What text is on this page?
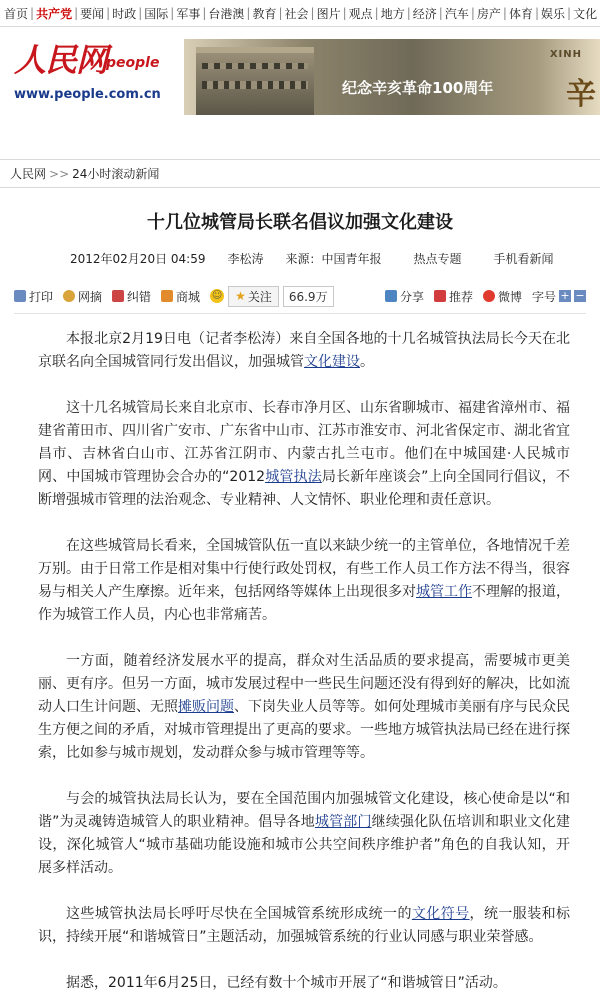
首页 | 共产党 | 要闻 | 时政 | 国际 | 军事 | 台港澳 | 教育 | 社会 | 图片 | 观点 | 地方 | 经济 | 汽车 | 房产 | 体育 | 娱乐 | 文化
人民网
people
www.people.com.cn	纪念辛亥革命100周年
XINH
辛
人民网 >> 24小时滚动新闻
十几位城管局长联名倡议加强文化建设
2012年02月20日 04:59 李松涛 来源：中国青年报	热点专题	手机看新闻
打印 网摘 纠错 商城 ☺ ★ 关注	66.9万	分享 推荐 微博 字号 + −

本报北京2月19日电（记者李松涛）来自全国各地的十几名城管执法局长今天在北京联名向全国城管同行发出倡议，加强城管文化建设。

这十几名城管局长来自北京市、长春市净月区、山东省聊城市、福建省漳州市、福建省莆田市、四川省广安市、广东省中山市、江苏市淮安市、河北省保定市、湖北省宜昌市、吉林省白山市、江苏省江阴市、内蒙古扎兰屯市。他们在中城国建·人民城市网、中国城市管理协会合办的“2012城管执法局长新年座谈会”上向全国同行倡议，不断增强城市管理的法治观念、专业精神、人文情怀、职业伦理和责任意识。

在这些城管局长看来，全国城管队伍一直以来缺少统一的主管单位，各地情况千差万别。由于日常工作是相对集中行使行政处罚权，有些工作人员工作方法不得当，很容易与相关人产生摩擦。近年来，包括网络等媒体上出现很多对城管工作不理解的报道，作为城管工作人员，内心也非常痛苦。

一方面，随着经济发展水平的提高，群众对生活品质的要求提高，需要城市更美丽、更有序。但另一方面，城市发展过程中一些民生问题还没有得到好的解决，比如流动人口生计问题、无照摊贩问题、下岗失业人员等等。如何处理城市美丽有序与民众民生方便之间的矛盾，对城市管理提出了更高的要求。一些地方城管执法局已经在进行探索，比如参与城市规划，发动群众参与城市管理等等。

与会的城管执法局长认为，要在全国范围内加强城管文化建设，核心使命是以“和谐”为灵魂铸造城管人的职业精神。倡导各地城管部门继续强化队伍培训和职业文化建设，深化城管人“城市基础功能设施和城市公共空间秩序维护者”角色的自我认知，开展多样活动。

这些城管执法局长呼吁尽快在全国城管系统形成统一的文化符号，统一服装和标识，持续开展“和谐城管日”主题活动，加强城管系统的行业认同感与职业荣誉感。

据悉，2011年6月25日，已经有数十个城市开展了“和谐城管日”活动。
